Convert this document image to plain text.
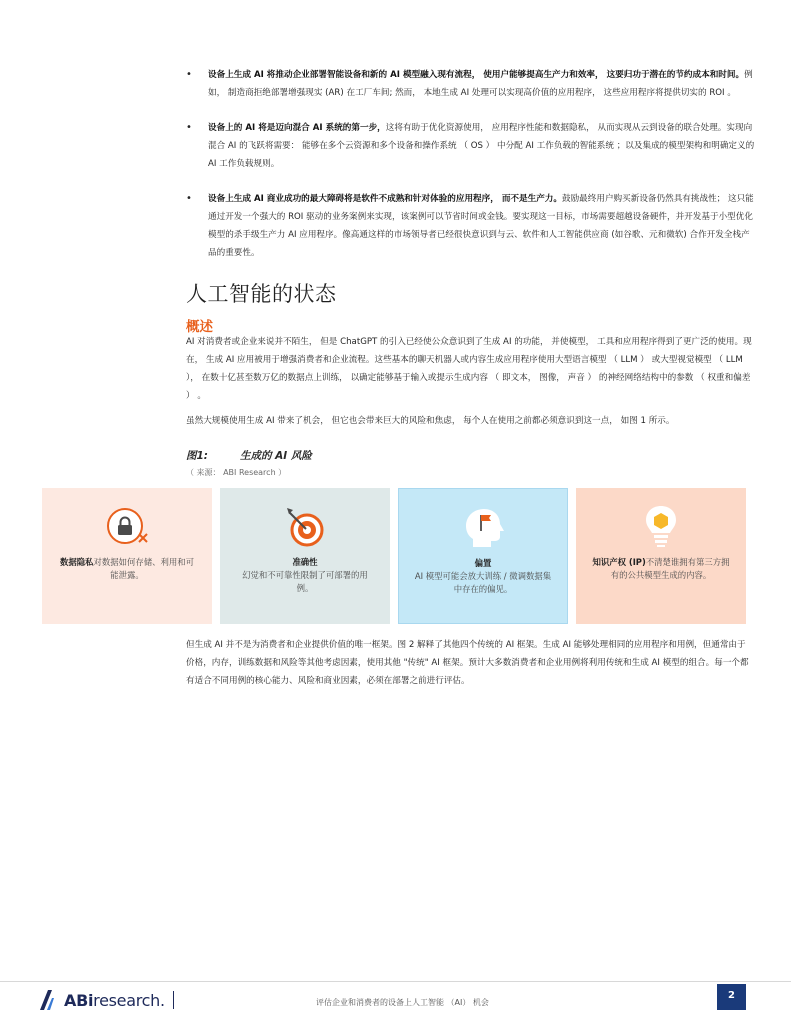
• 设备上生成 AI 将推动企业部署智能设备和新的 AI 模型融入现有流程， 使用户能够提高生产力和效率， 这要归功于潜在的节约成本和时间。例如， 制造商拒绝部署增强现实 (AR) 在工厂车间; 然而， 本地生成 AI 处理可以实现高价值的应用程序， 这些应用程序将提供切实的 ROI 。
• 设备上的 AI 将是迈向混合 AI 系统的第一步，这将有助于优化资源使用， 应用程序性能和数据隐私， 从而实现从云到设备的联合处理。实现向混合 AI 的飞跃将需要： 能够在多个云资源和多个设备和操作系统 （ OS ） 中分配 AI 工作负载的智能系统 ；以及集成的模型架构和明确定义的 AI 工作负载规则。
• 设备上生成 AI 商业成功的最大障碍将是软件不成熟和针对体验的应用程序， 而不是生产力。鼓励最终用户购买新设备仍然具有挑战性； 这只能通过开发一个强大的 ROI 驱动的业务案例来实现，该案例可以节省时间或金钱。要实现这一目标，市场需要超越设备硬件，并开发基于小型优化模型的杀手级生产力 AI 应用程序。像高通这样的市场领导者已经很快意识到与云、软件和人工智能供应商 (如谷歌、元和微软) 合作开发全栈产品的重要性。
人工智能的状态
概述
AI 对消费者或企业来说并不陌生， 但是 ChatGPT 的引入已经使公众意识到了生成 AI 的功能， 并使模型， 工具和应用程序得到了更广泛的使用。现在， 生成 AI 应用被用于增强消费者和企业流程。这些基本的聊天机器人或内容生成应用程序使用大型语言模型 （ LLM ） 或大型视觉模型 （ LLM ）， 在数十亿甚至数万亿的数据点上训练， 以确定能够基于输入或提示生成内容 （ 即文本， 图像， 声音 ） 的神经网络结构中的参数 （ 权重和偏差 ） 。
虽然大规模使用生成 AI 带来了机会， 但它也会带来巨大的风险和焦虑， 每个人在使用之前都必须意识到这一点， 如图 1 所示。
图1:	生成的 AI 风险
（ 来源： ABI Research ）
数据隐私对数据如何存储、利用和可能泄露。
准确性
幻觉和不可靠性限制了可部署的用例。
偏置
AI 模型可能会放大训练 / 微调数据集中存在的偏见。
知识产权 (IP)不清楚谁拥有第三方拥有的公共模型生成的内容。
但生成 AI 并不是为消费者和企业提供价值的唯一框架。图 2 解释了其他四个传统的 AI 框架。生成 AI 能够处理相同的应用程序和用例，但通常由于价格，内存，训练数据和风险等其他考虑因素，使用其他 "传统" AI 框架。预计大多数消费者和企业用例将利用传统和生成 AI 模型的组合。每一个都有适合不同用例的核心能力、风险和商业因素，必须在部署之前进行评估。
ABiresearch.	评估企业和消费者的设备上人工智能 （AI） 机会
2
